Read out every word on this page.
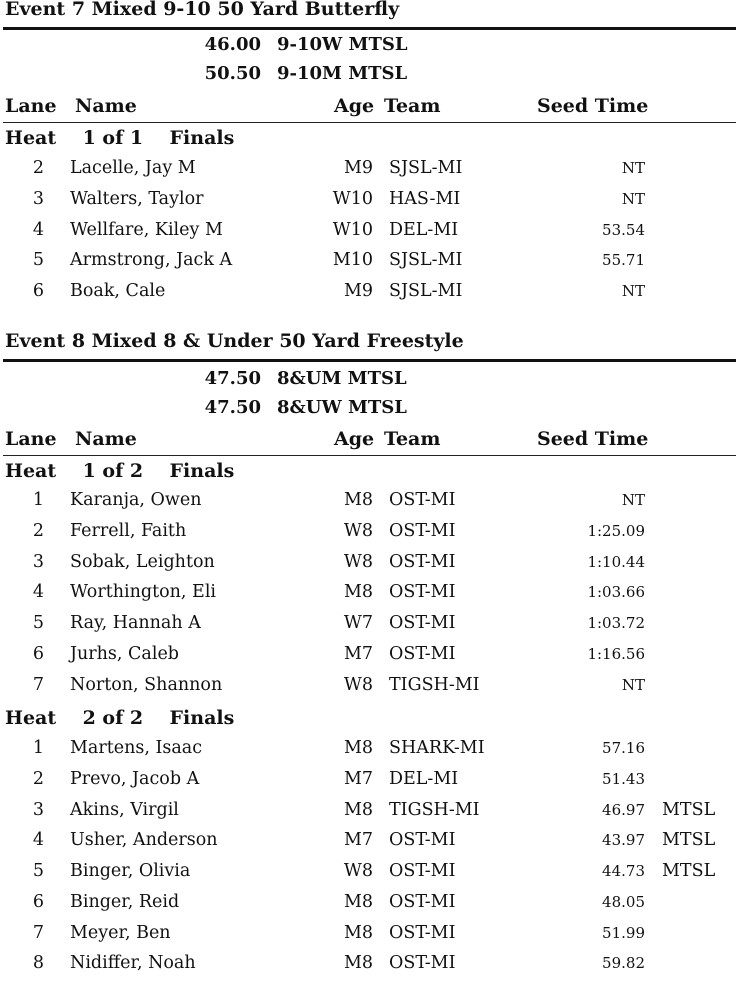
Event 7 Mixed 9-10 50 Yard Butterfly
46.00 9-10W MTSL
50.50 9-10M MTSL
Lane Name	Age Team	Seed Time
Heat    1 of 1    Finals
2 Lacelle, Jay M	M9 SJSL-MI	NT
3 Walters, Taylor	W10 HAS-MI	NT
4 Wellfare, Kiley M	W10 DEL-MI	53.54
5 Armstrong, Jack A	M10 SJSL-MI	55.71
6 Boak, Cale	M9 SJSL-MI	NT
Event 8 Mixed 8 & Under 50 Yard Freestyle
47.50 8&UM MTSL
47.50 8&UW MTSL
Lane Name	Age Team	Seed Time
Heat    1 of 2    Finals
1 Karanja, Owen	M8 OST-MI	NT
2 Ferrell, Faith	W8 OST-MI	1:25.09
3 Sobak, Leighton	W8 OST-MI	1:10.44
4 Worthington, Eli	M8 OST-MI	1:03.66
5 Ray, Hannah A	W7 OST-MI	1:03.72
6 Jurhs, Caleb	M7 OST-MI	1:16.56
7 Norton, Shannon	W8 TIGSH-MI	NT
Heat    2 of 2    Finals
1 Martens, Isaac	M8 SHARK-MI	57.16
2 Prevo, Jacob A	M7 DEL-MI	51.43
3 Akins, Virgil	M8 TIGSH-MI	46.97 MTSL
4 Usher, Anderson	M7 OST-MI	43.97 MTSL
5 Binger, Olivia	W8 OST-MI	44.73 MTSL
6 Binger, Reid	M8 OST-MI	48.05
7 Meyer, Ben	M8 OST-MI	51.99
8 Nidiffer, Noah	M8 OST-MI	59.82
